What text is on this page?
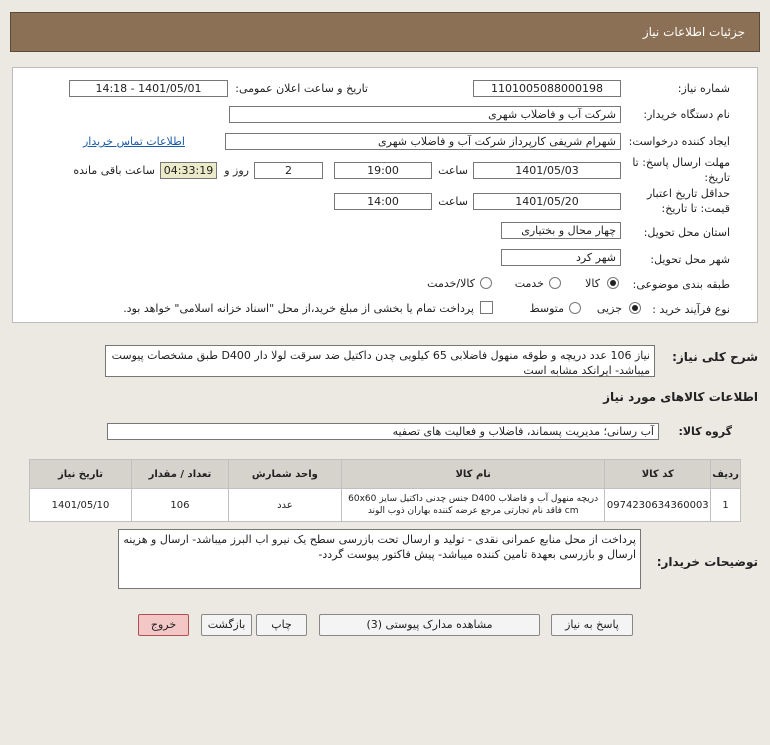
جزئیات اطلاعات نیاز
شماره نیاز:
1101005088000198
تاریخ و ساعت اعلان عمومی:
1401/05/01 - 14:18
نام دستگاه خریدار:
شرکت آب و فاضلاب شهری
ایجاد کننده درخواست:
شهرام شریفی کارپرداز شرکت آب و فاضلاب شهری
اطلاعات تماس خریدار
مهلت ارسال پاسخ: تا تاریخ:
1401/05/03
ساعت
19:00
2
روز و
04:33:19
ساعت باقی مانده
حداقل تاریخ اعتبار قیمت: تا تاریخ:
1401/05/20
ساعت
14:00
استان محل تحویل:
چهار محال و بختیاری
شهر محل تحویل:
شهر کرد
طبقه بندی موضوعی:
کالا
خدمت
کالا/خدمت
نوع فرآیند خرید :
جزیی
متوسط
پرداخت تمام یا بخشی از مبلغ خرید،از محل "اسناد خزانه اسلامی" خواهد بود.
شرح کلی نیاز:
نیاز 106 عدد دریچه و طوقه منهول فاضلابی 65 کیلویی چدن داکتیل ضد سرقت لولا دار D400 طبق مشخصات پیوست میباشد- ایرانکد مشابه است
اطلاعات کالاهای مورد نیاز
گروه کالا:
آب رسانی؛ مدیریت پسماند، فاضلاب و فعالیت های تصفیه
ردیف	کد کالا	نام کالا	واحد شمارش	تعداد / مقدار	تاریخ نیاز
1	0974230634360003	دریچه منهول آب و فاضلاب D400 جنس چدنی داکتیل سایز 60x60 cm فاقد نام تجارتی مرجع عرضه کننده بهاران ذوب الوند	عدد	106	1401/05/10
توضیحات خریدار:
پرداخت از محل منابع عمرانی نقدی - تولید و ارسال تحت بازرسی سطح یک نیرو اب البرز میباشد- ارسال و هزینه ارسال و بازرسی بعهدة تامین کننده میباشد- پیش فاکتور پیوست گردد-
پاسخ به نیاز
مشاهده مدارک پیوستی (3)
چاپ
بازگشت
خروج
